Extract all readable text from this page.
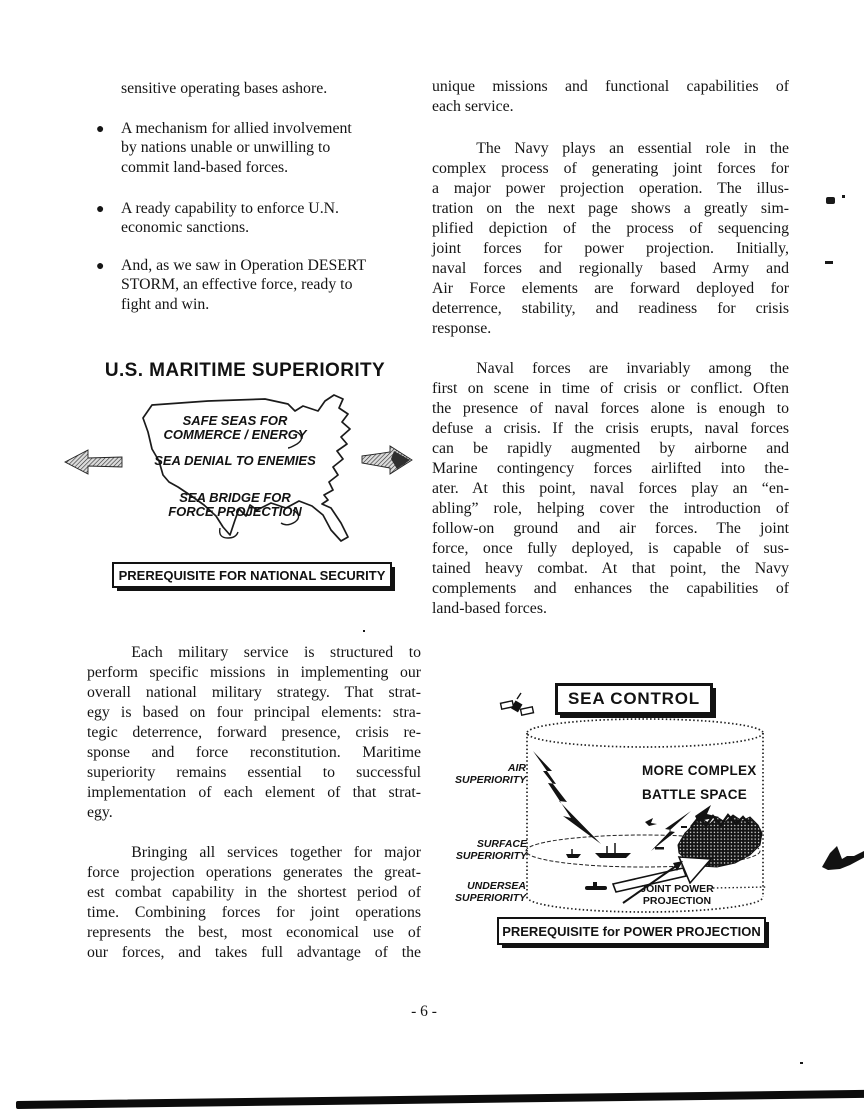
sensitive operating bases ashore.
● A mechanism for allied involvement
by nations unable or unwilling to
commit land-based forces.
● A ready capability to enforce U.N.
economic sanctions.
● And, as we saw in Operation DESERT
STORM, an effective force, ready to
fight and win.
U.S. MARITIME SUPERIORITY
SAFE SEAS FOR
COMMERCE / ENERGY
SEA DENIAL TO ENEMIES
SEA BRIDGE FOR
FORCE PROJECTION
PREREQUISITE FOR NATIONAL SECURITY
Each military service is structured to
perform specific missions in implementing our
overall national military strategy. That strat-
egy is based on four principal elements: stra-
tegic deterrence, forward presence, crisis re-
sponse and force reconstitution. Maritime
superiority remains essential to successful
implementation of each element of that strat-
egy.
Bringing all services together for major
force projection operations generates the great-
est combat capability in the shortest period of
time. Combining forces for joint operations
represents the best, most economical use of
our forces, and takes full advantage of the
unique missions and functional capabilities of
each service.
The Navy plays an essential role in the
complex process of generating joint forces for
a major power projection operation. The illus-
tration on the next page shows a greatly sim-
plified depiction of the process of sequencing
joint forces for power projection. Initially,
naval forces and regionally based Army and
Air Force elements are forward deployed for
deterrence, stability, and readiness for crisis
response.
Naval forces are invariably among the
first on scene in time of crisis or conflict. Often
the presence of naval forces alone is enough to
defuse a crisis. If the crisis erupts, naval forces
can be rapidly augmented by airborne and
Marine contingency forces airlifted into the-
ater. At this point, naval forces play an “en-
abling” role, helping cover the introduction of
follow-on ground and air forces. The joint
force, once fully deployed, is capable of sus-
tained heavy combat. At that point, the Navy
complements and enhances the capabilities of
land-based forces.
SEA CONTROL
AIR
SUPERIORITY
SURFACE
SUPERIORITY
UNDERSEA
SUPERIORITY
MORE COMPLEX
BATTLE SPACE
JOINT POWER
PROJECTION
PREREQUISITE for POWER PROJECTION
- 6 -
